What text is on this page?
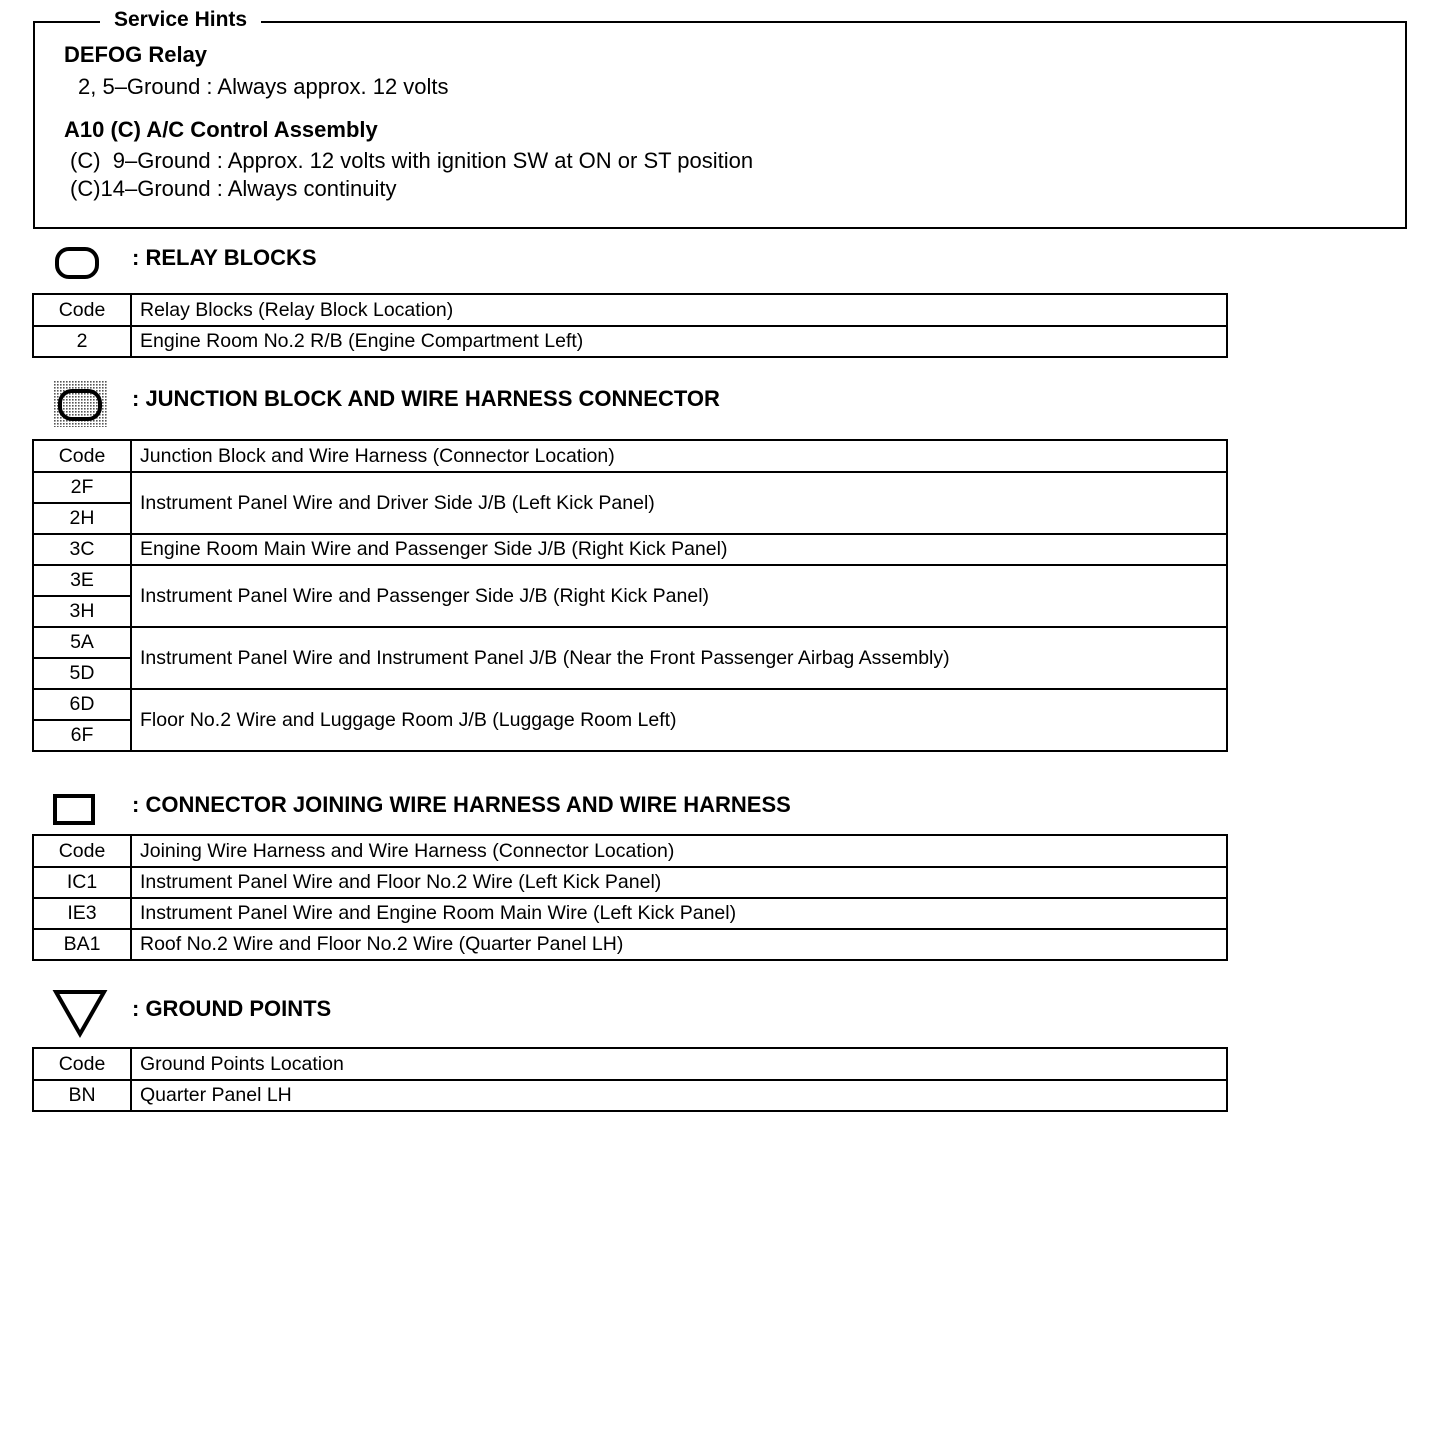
Service Hints
DEFOG Relay
2, 5–Ground : Always approx. 12 volts
A10 (C) A/C Control Assembly
(C)  9–Ground : Approx. 12 volts with ignition SW at ON or ST position
(C)14–Ground : Always continuity
: RELAY BLOCKS
Code	Relay Blocks (Relay Block Location)
2	Engine Room No.2 R/B (Engine Compartment Left)
: JUNCTION BLOCK AND WIRE HARNESS CONNECTOR
Code	Junction Block and Wire Harness (Connector Location)
2F	Instrument Panel Wire and Driver Side J/B (Left Kick Panel)
2H	
3C	Engine Room Main Wire and Passenger Side J/B (Right Kick Panel)
3E	Instrument Panel Wire and Passenger Side J/B (Right Kick Panel)
3H	
5A	Instrument Panel Wire and Instrument Panel J/B (Near the Front Passenger Airbag Assembly)
5D	
6D	Floor No.2 Wire and Luggage Room J/B (Luggage Room Left)
6F	
: CONNECTOR JOINING WIRE HARNESS AND WIRE HARNESS
Code	Joining Wire Harness and Wire Harness (Connector Location)
IC1	Instrument Panel Wire and Floor No.2 Wire (Left Kick Panel)
IE3	Instrument Panel Wire and Engine Room Main Wire (Left Kick Panel)
BA1	Roof No.2 Wire and Floor No.2 Wire (Quarter Panel LH)
: GROUND POINTS
Code	Ground Points Location
BN	Quarter Panel LH
